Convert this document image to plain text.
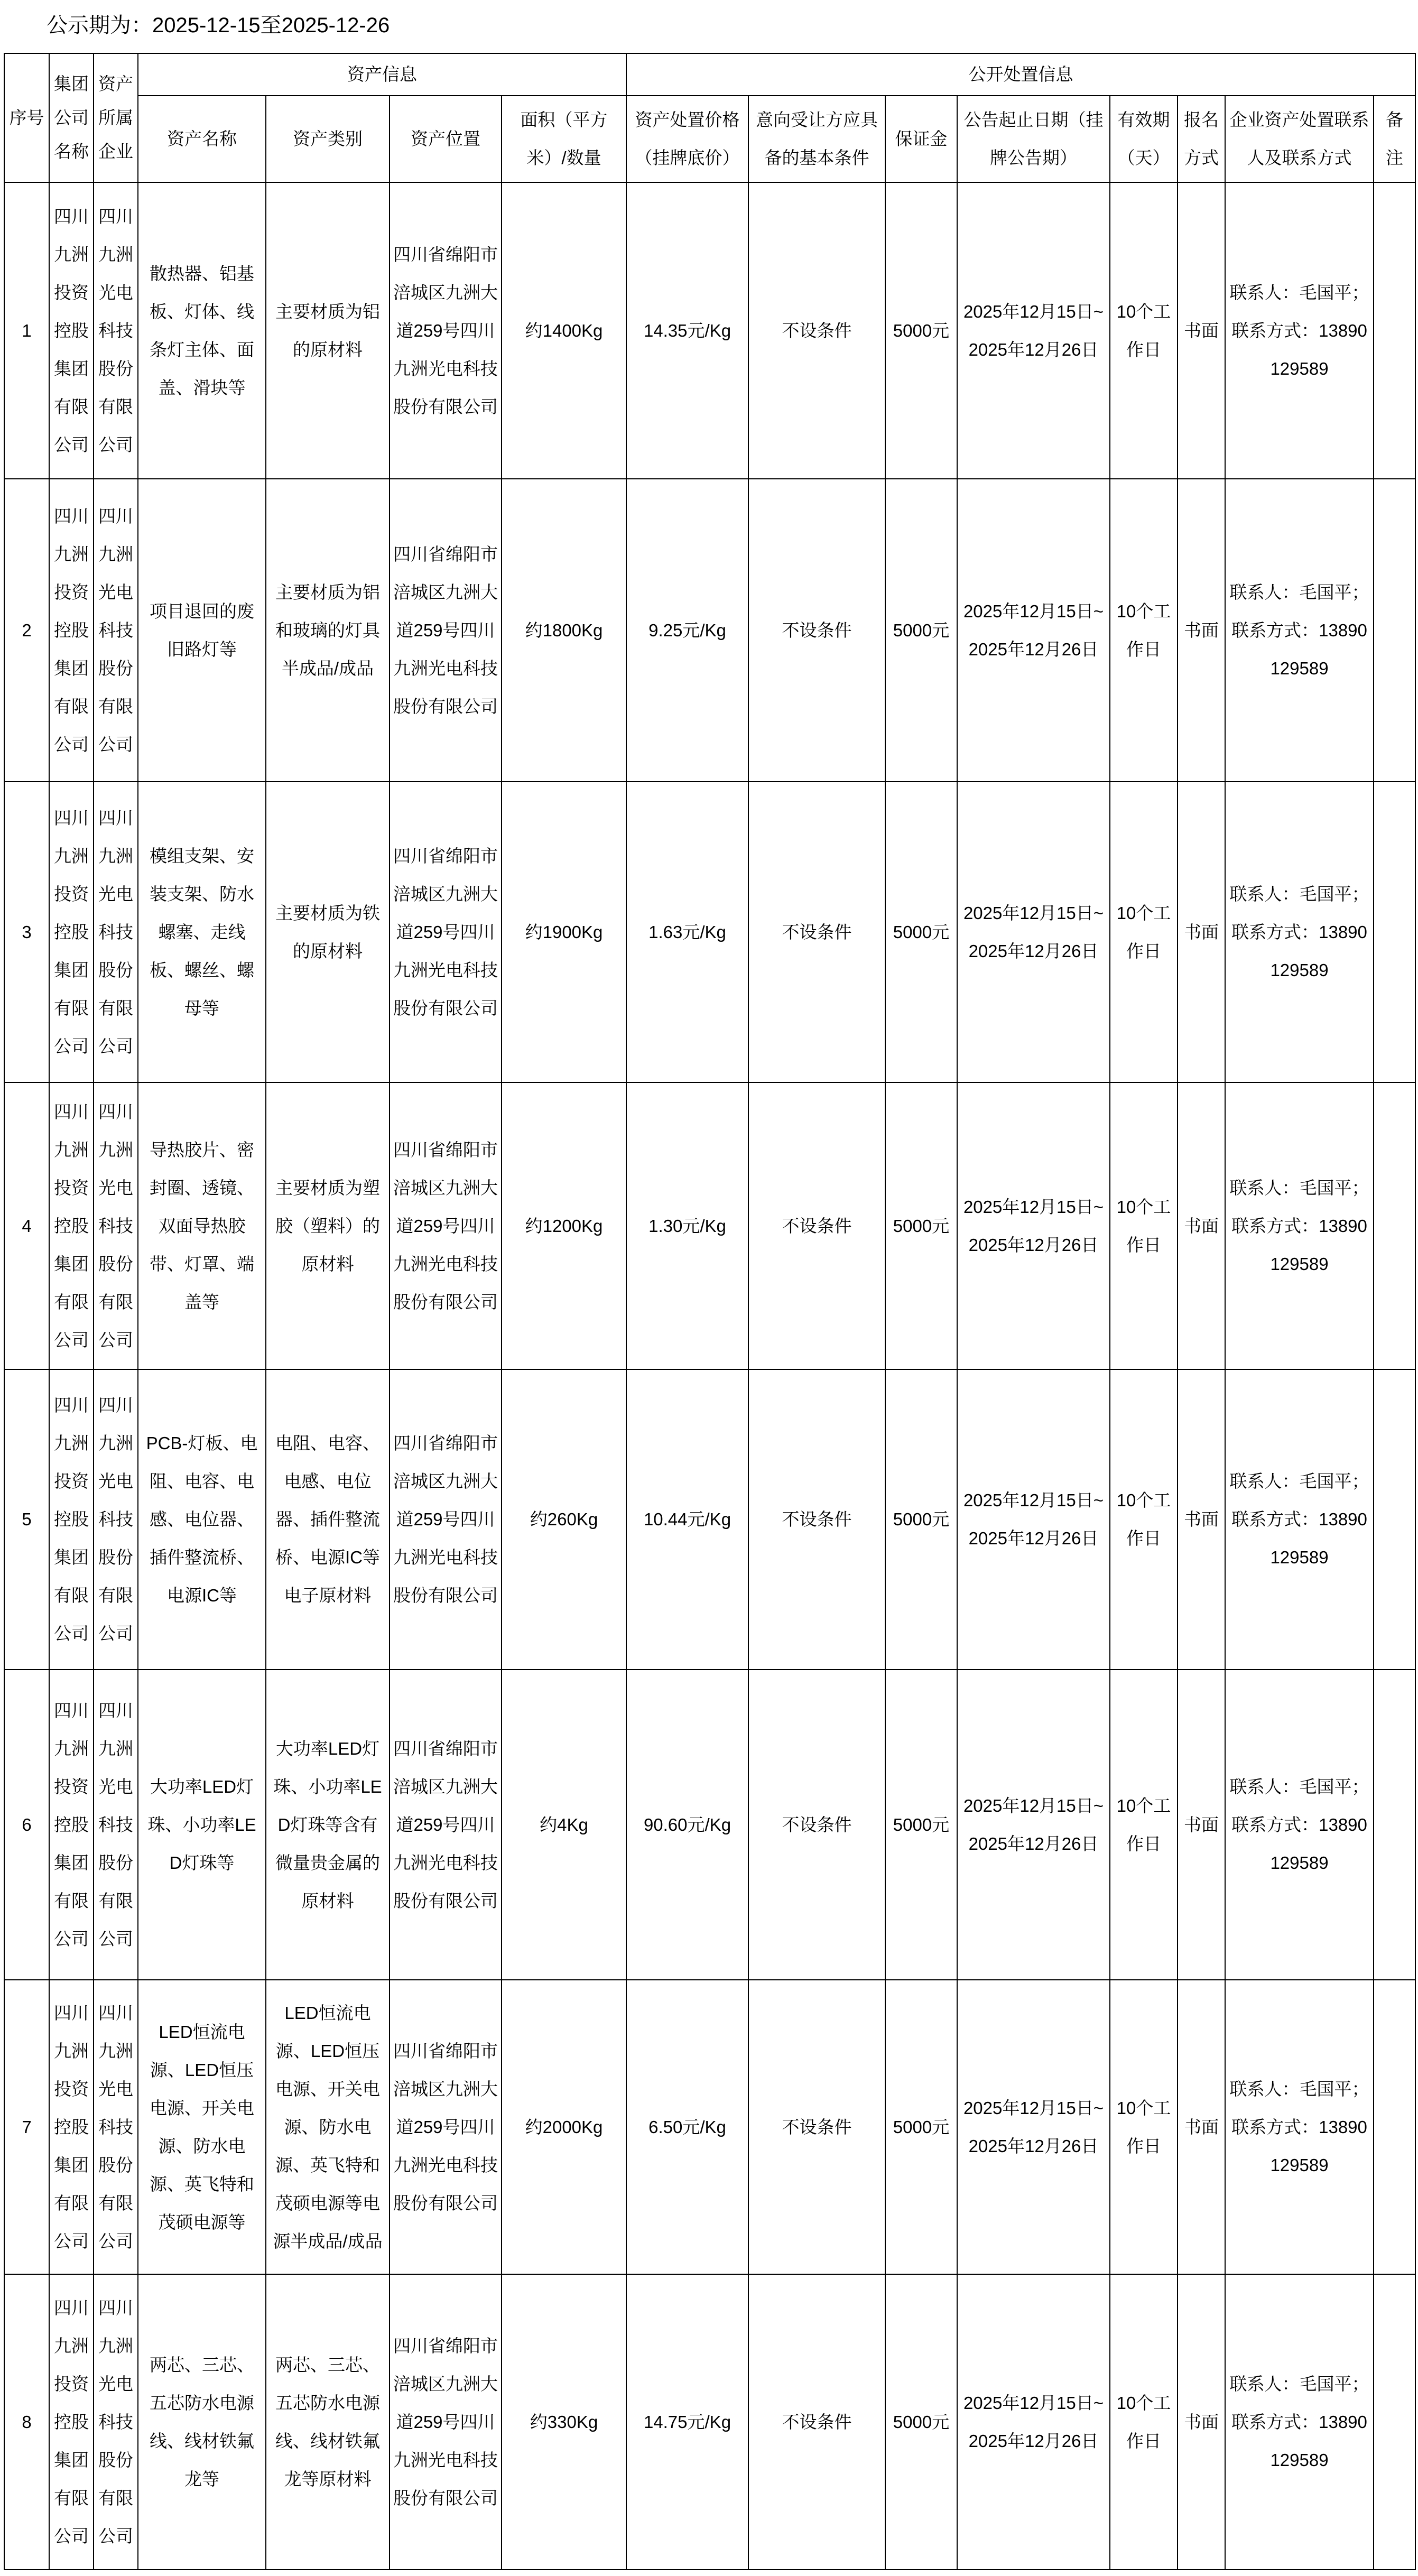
公示期为：2025-12-15至2025-12-26
序号	集团公司名称	资产所属企业	资产信息				公开处置信息							
			资产名称	资产类别	资产位置	面积（平方米）/数量	资产处置价格（挂牌底价）	意向受让方应具备的基本条件	保证金	公告起止日期（挂牌公告期）	有效期（天）	报名方式	企业资产处置联系人及联系方式	备注
1	四川九洲投资控股集团有限公司	四川九洲光电科技股份有限公司	散热器、铝基板、灯体、线条灯主体、面盖、滑块等	主要材质为铝的原材料	四川省绵阳市涪城区九洲大道259号四川九洲光电科技股份有限公司	约1400Kg	14.35元/Kg	不设条件	5000元	2025年12月15日~2025年12月26日	10个工作日	书面	联系人：毛国平；联系方式：13890129589	
2	四川九洲投资控股集团有限公司	四川九洲光电科技股份有限公司	项目退回的废旧路灯等	主要材质为铝和玻璃的灯具半成品/成品	四川省绵阳市涪城区九洲大道259号四川九洲光电科技股份有限公司	约1800Kg	9.25元/Kg	不设条件	5000元	2025年12月15日~2025年12月26日	10个工作日	书面	联系人：毛国平；联系方式：13890129589	
3	四川九洲投资控股集团有限公司	四川九洲光电科技股份有限公司	模组支架、安装支架、防水螺塞、走线板、螺丝、螺母等	主要材质为铁的原材料	四川省绵阳市涪城区九洲大道259号四川九洲光电科技股份有限公司	约1900Kg	1.63元/Kg	不设条件	5000元	2025年12月15日~2025年12月26日	10个工作日	书面	联系人：毛国平；联系方式：13890129589	
4	四川九洲投资控股集团有限公司	四川九洲光电科技股份有限公司	导热胶片、密封圈、透镜、双面导热胶带、灯罩、端盖等	主要材质为塑胶（塑料）的原材料	四川省绵阳市涪城区九洲大道259号四川九洲光电科技股份有限公司	约1200Kg	1.30元/Kg	不设条件	5000元	2025年12月15日~2025年12月26日	10个工作日	书面	联系人：毛国平；联系方式：13890129589	
5	四川九洲投资控股集团有限公司	四川九洲光电科技股份有限公司	PCB-灯板、电阻、电容、电感、电位器、插件整流桥、电源IC等	电阻、电容、电感、电位器、插件整流桥、电源IC等电子原材料	四川省绵阳市涪城区九洲大道259号四川九洲光电科技股份有限公司	约260Kg	10.44元/Kg	不设条件	5000元	2025年12月15日~2025年12月26日	10个工作日	书面	联系人：毛国平；联系方式：13890129589	
6	四川九洲投资控股集团有限公司	四川九洲光电科技股份有限公司	大功率LED灯珠、小功率LED灯珠等	大功率LED灯珠、小功率LED灯珠等含有微量贵金属的原材料	四川省绵阳市涪城区九洲大道259号四川九洲光电科技股份有限公司	约4Kg	90.60元/Kg	不设条件	5000元	2025年12月15日~2025年12月26日	10个工作日	书面	联系人：毛国平；联系方式：13890129589	
7	四川九洲投资控股集团有限公司	四川九洲光电科技股份有限公司	LED恒流电源、LED恒压电源、开关电源、防水电源、英飞特和茂硕电源等	LED恒流电源、LED恒压电源、开关电源、防水电源、英飞特和茂硕电源等电源半成品/成品	四川省绵阳市涪城区九洲大道259号四川九洲光电科技股份有限公司	约2000Kg	6.50元/Kg	不设条件	5000元	2025年12月15日~2025年12月26日	10个工作日	书面	联系人：毛国平；联系方式：13890129589	
8	四川九洲投资控股集团有限公司	四川九洲光电科技股份有限公司	两芯、三芯、五芯防水电源线、线材铁氟龙等	两芯、三芯、五芯防水电源线、线材铁氟龙等原材料	四川省绵阳市涪城区九洲大道259号四川九洲光电科技股份有限公司	约330Kg	14.75元/Kg	不设条件	5000元	2025年12月15日~2025年12月26日	10个工作日	书面	联系人：毛国平；联系方式：13890129589	
